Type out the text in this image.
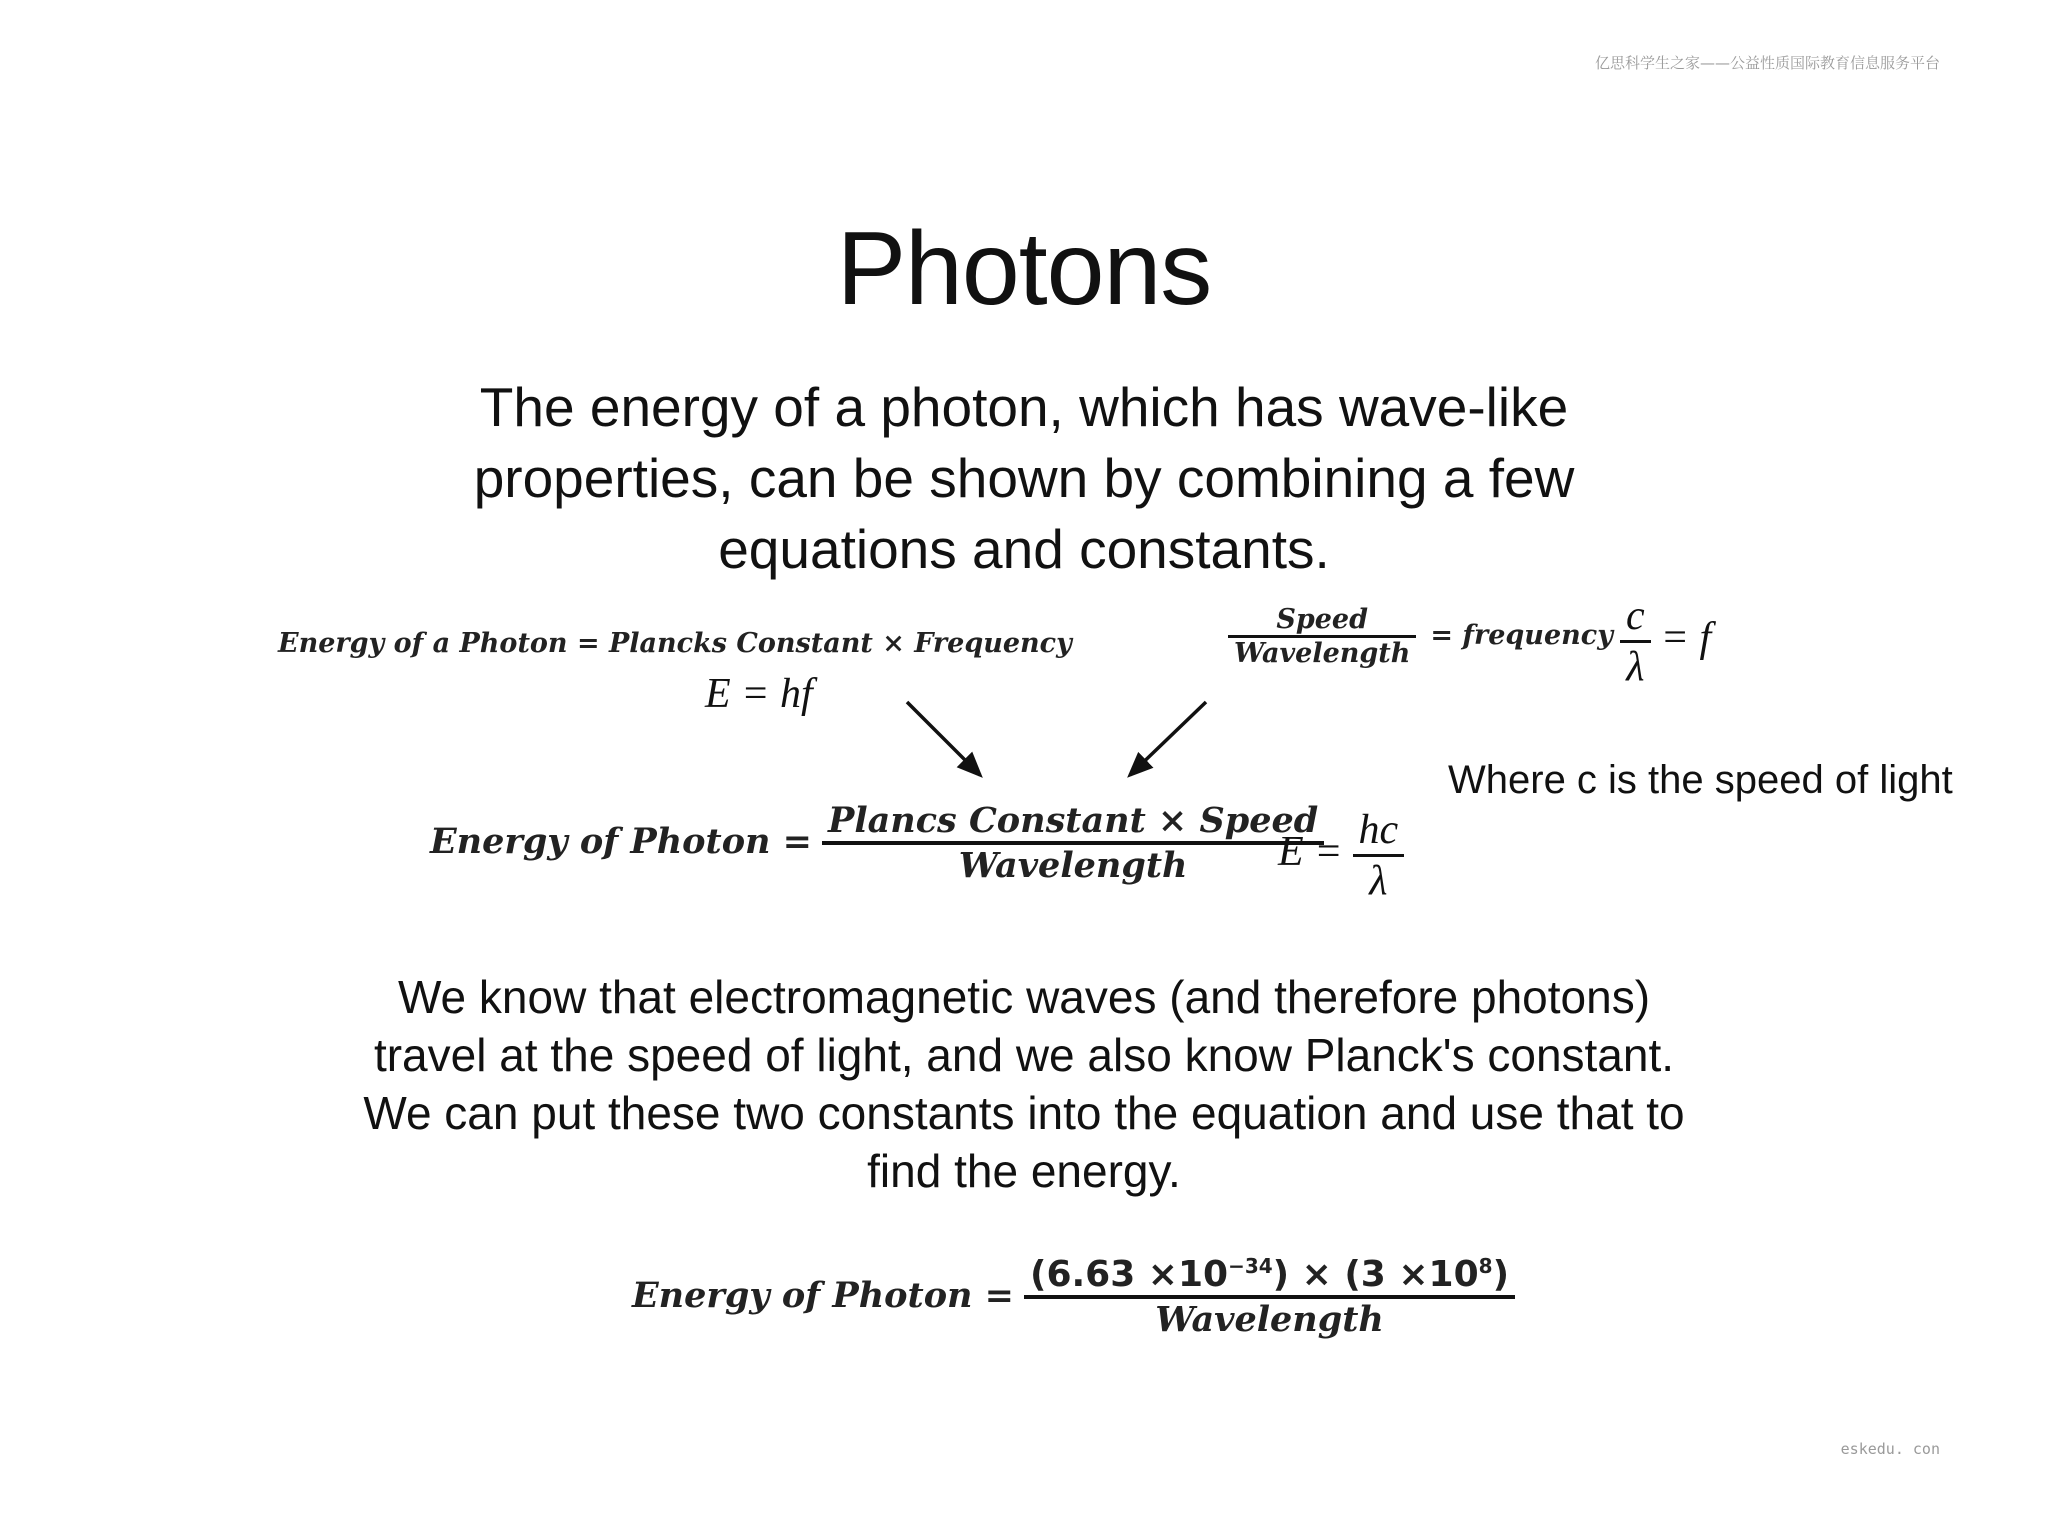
亿思科学生之家——公益性质国际教育信息服务平台
Photons
The energy of a photon, which has wave-like
properties, can be shown by combining a few
equations and constants.
Energy of a Photon = Plancks Constant × Frequency
E = hf
$\frac{\text{Speed}}{\text{Wavelength}}$ = frequency $\frac{c}{\lambda} = f$
Where c is the speed of light
Energy of Photon = $\frac{\text{Plancs Constant × Speed}}{\text{Wavelength}}$
$E = \frac{hc}{\lambda}$
We know that electromagnetic waves (and therefore photons)
travel at the speed of light, and we also know Planck's constant.
We can put these two constants into the equation and use that to
find the energy.
Energy of Photon = $\frac{(6.63 \times 10^{-34}) \times (3 \times 10^8)}{\text{Wavelength}}$
eskedu. con
